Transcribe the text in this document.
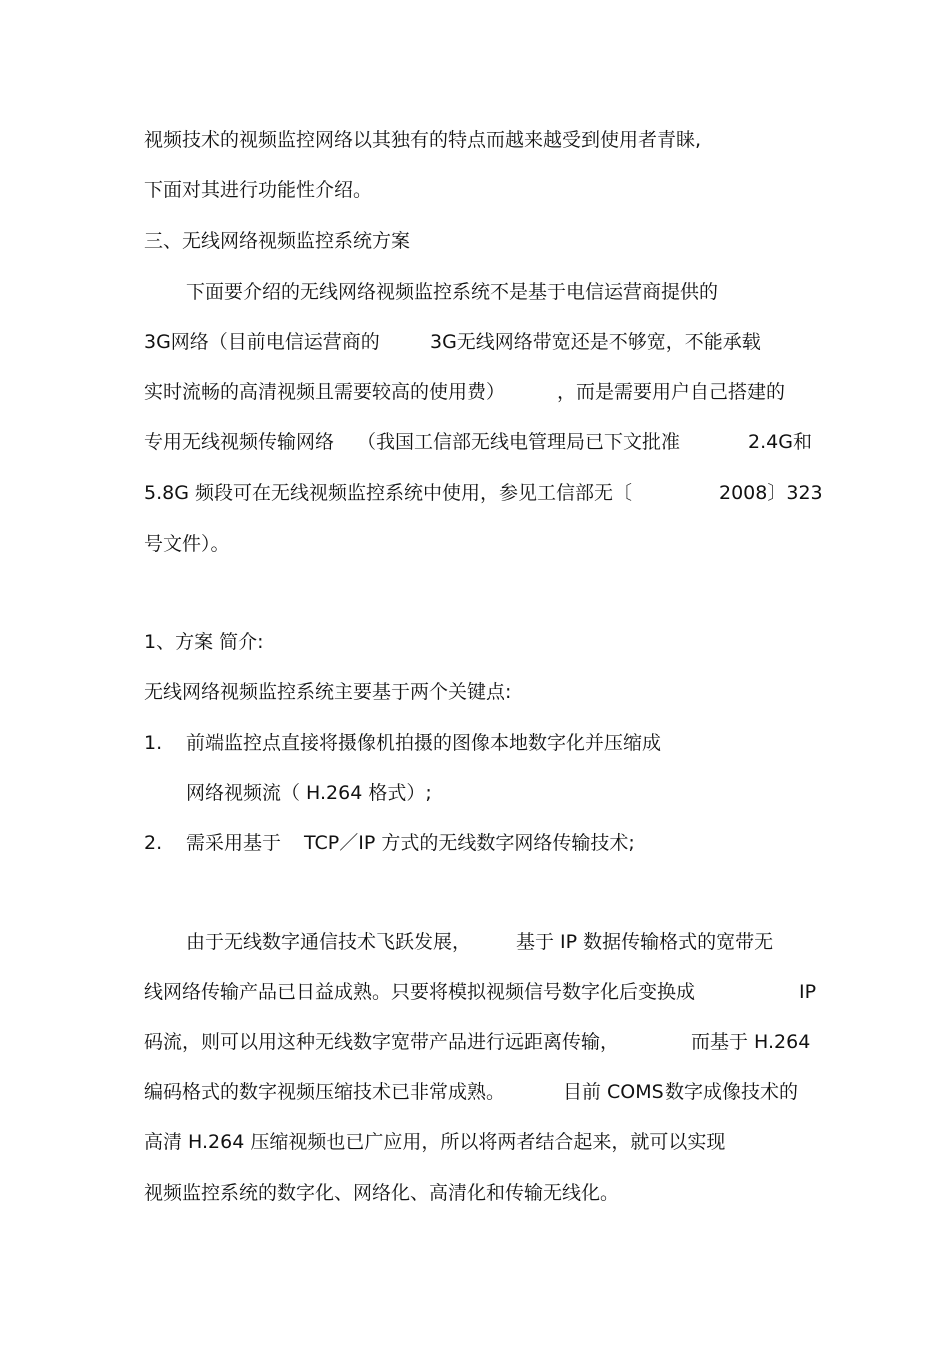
视频技术的视频监控网络以其独有的特点而越来越受到使用者青睐,
下面对其进行功能性介绍。
三、无线网络视频监控系统方案
下面要介绍的无线网络视频监控系统不是基于电信运营商提供的
3G网络（目前电信运营商的	3G无线网络带宽还是不够宽，不能承载
实时流畅的高清视频且需要较高的使用费）	，而是需要用户自己搭建的
专用无线视频传输网络 （我国工信部无线电管理局已下文批准	2.4G和
5.8G 频段可在无线视频监控系统中使用，参见工信部无〔	2008〕323
号文件）。
1、方案 简介:
无线网络视频监控系统主要基于两个关键点:
1. 前端监控点直接将摄像机拍摄的图像本地数字化并压缩成
网络视频流（ H.264 格式）;
2. 需采用基于 TCP／IP 方式的无线数字网络传输技术;
由于无线数字通信技术飞跃发展， 基于 IP 数据传输格式的宽带无
线网络传输产品已日益成熟。只要将模拟视频信号数字化后变换成	IP
码流，则可以用这种无线数字宽带产品进行远距离传输，	而基于 H.264
编码格式的数字视频压缩技术已非常成熟。	目前 COMS 数字成像技术的
高清 H.264 压缩视频也已广应用，所以将两者结合起来，就可以实现
视频监控系统的数字化、网络化、高清化和传输无线化。
